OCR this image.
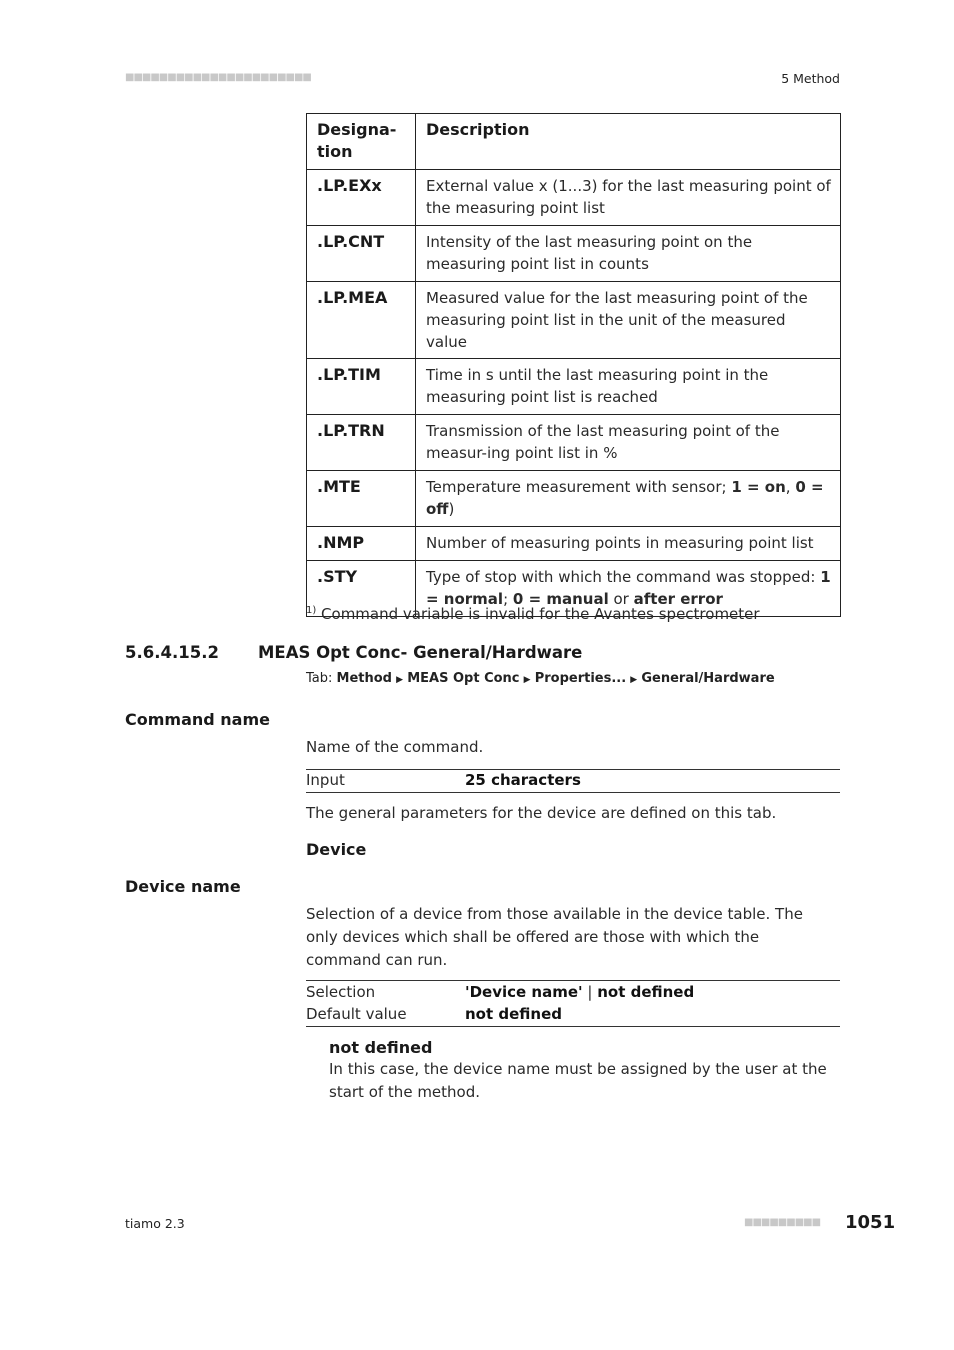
■■■■■■■■■■■■■■■■■■■■■■	5 Method
Designa-
tion	Description
.LP.EXx	External value x (1...3) for the last measuring point of the measuring point list
.LP.CNT	Intensity of the last measuring point on the measuring point list in counts
.LP.MEA	Measured value for the last measuring point of the measuring point list in the unit of the measured value
.LP.TIM	Time in s until the last measuring point in the measuring point list is reached
.LP.TRN	Transmission of the last measuring point of the measur-ing point list in %
.MTE	Temperature measurement with sensor; 1 = on, 0 = off)
.NMP	Number of measuring points in measuring point list
.STY	Type of stop with which the command was stopped: 1 = normal; 0 = manual or after error
$^{1)}$ Command variable is invalid for the Avantes spectrometer
5.6.4.15.2 MEAS Opt Conc- General/Hardware
Tab: Method ▶ MEAS Opt Conc ▶ Properties... ▶ General/Hardware
Command name
Name of the command.
Input	25 characters
The general parameters for the device are defined on this tab.
Device
Device name
Selection of a device from those available in the device table. The only devices which shall be offered are those with which the command can run.
Selection	'Device name' | not defined
Default value	not defined
not defined
In this case, the device name must be assigned by the user at the start of the method.
tiamo 2.3	■■■■■■■■■ 1051
